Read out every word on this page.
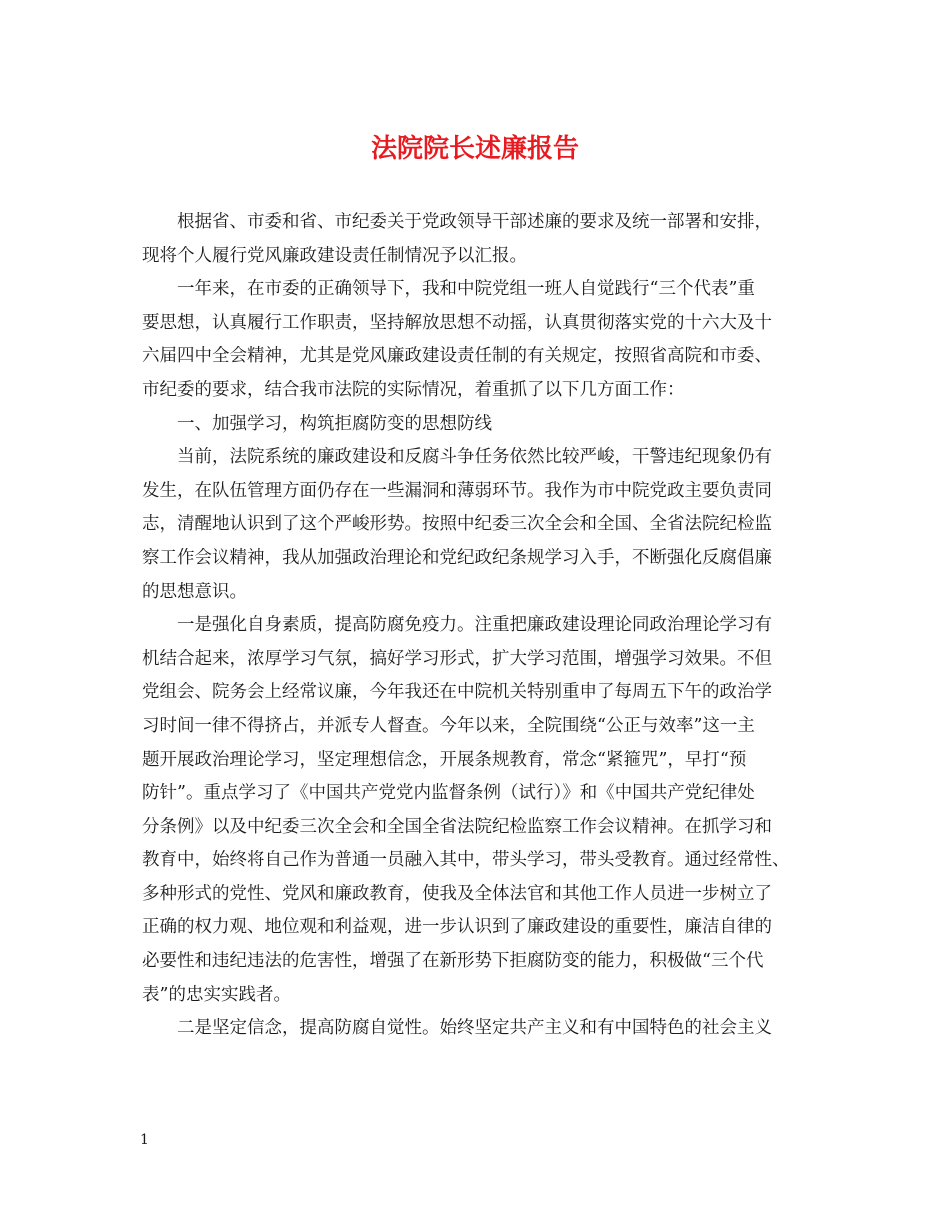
法院院长述廉报告
根据省、市委和省、市纪委关于党政领导干部述廉的要求及统一部署和安排，
现将个人履行党风廉政建设责任制情况予以汇报。
一年来，在市委的正确领导下，我和中院党组一班人自觉践行“三个代表”重
要思想，认真履行工作职责，坚持解放思想不动摇，认真贯彻落实党的十六大及十
六届四中全会精神，尤其是党风廉政建设责任制的有关规定，按照省高院和市委、
市纪委的要求，结合我市法院的实际情况，着重抓了以下几方面工作：
一、加强学习，构筑拒腐防变的思想防线
当前，法院系统的廉政建设和反腐斗争任务依然比较严峻，干警违纪现象仍有
发生，在队伍管理方面仍存在一些漏洞和薄弱环节。我作为市中院党政主要负责同
志，清醒地认识到了这个严峻形势。按照中纪委三次全会和全国、全省法院纪检监
察工作会议精神，我从加强政治理论和党纪政纪条规学习入手，不断强化反腐倡廉
的思想意识。
一是强化自身素质，提高防腐免疫力。注重把廉政建设理论同政治理论学习有
机结合起来，浓厚学习气氛，搞好学习形式，扩大学习范围，增强学习效果。不但
党组会、院务会上经常议廉，今年我还在中院机关特别重申了每周五下午的政治学
习时间一律不得挤占，并派专人督查。今年以来，全院围绕“公正与效率”这一主
题开展政治理论学习，坚定理想信念，开展条规教育，常念“紧箍咒”，早打“预
防针”。重点学习了《中国共产党党内监督条例（试行）》和《中国共产党纪律处
分条例》以及中纪委三次全会和全国全省法院纪检监察工作会议精神。在抓学习和
教育中，始终将自己作为普通一员融入其中，带头学习，带头受教育。通过经常性、
多种形式的党性、党风和廉政教育，使我及全体法官和其他工作人员进一步树立了
正确的权力观、地位观和利益观，进一步认识到了廉政建设的重要性，廉洁自律的
必要性和违纪违法的危害性，增强了在新形势下拒腐防变的能力，积极做“三个代
表”的忠实实践者。
二是坚定信念，提高防腐自觉性。始终坚定共产主义和有中国特色的社会主义
1
